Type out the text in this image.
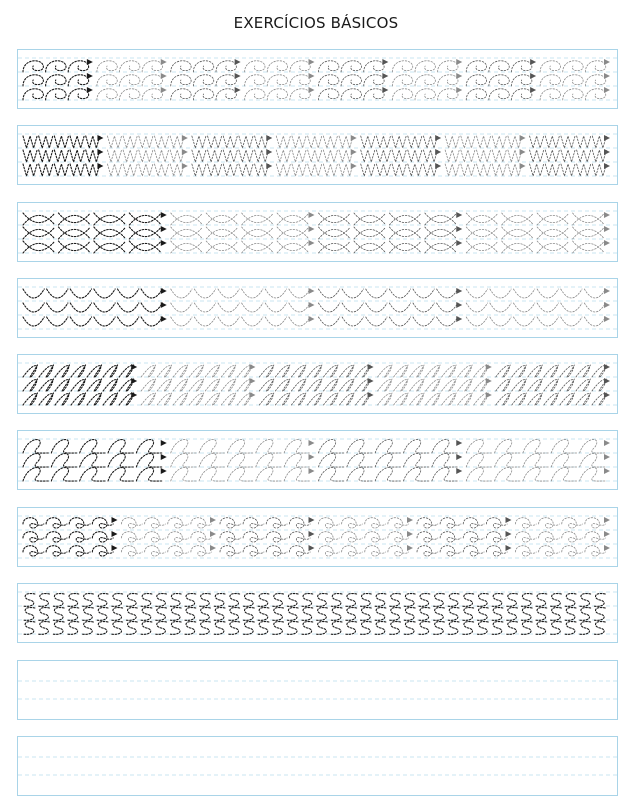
EXERCÍCIOS BÁSICOS
